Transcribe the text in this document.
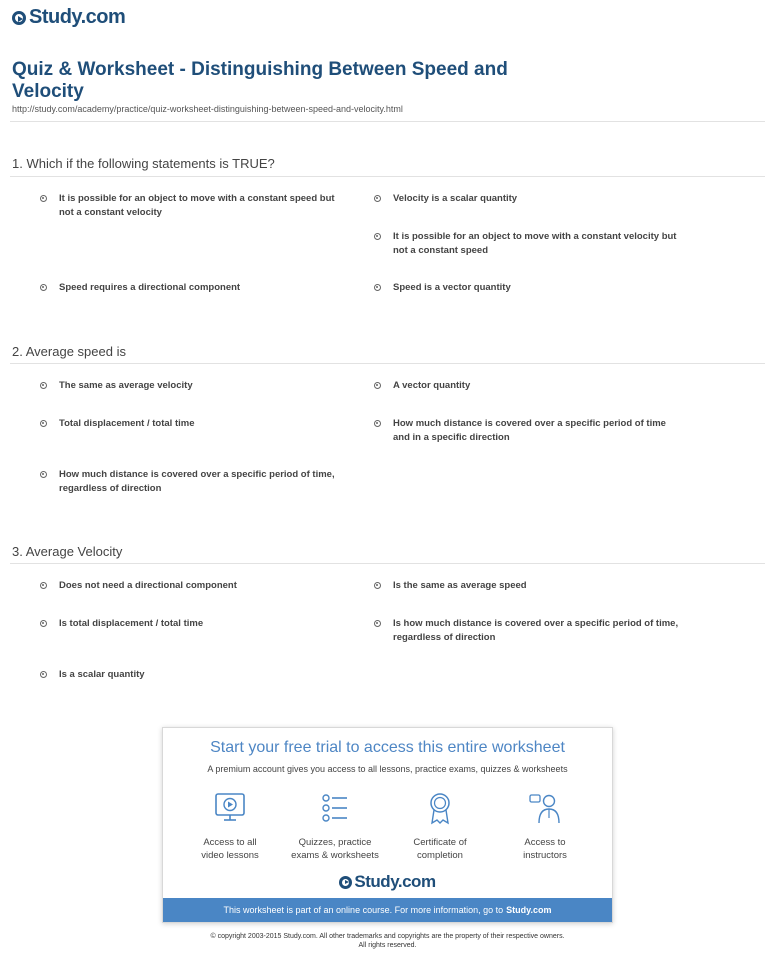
Study.com
Quiz & Worksheet - Distinguishing Between Speed and Velocity
http://study.com/academy/practice/quiz-worksheet-distinguishing-between-speed-and-velocity.html
1. Which if the following statements is TRUE?
It is possible for an object to move with a constant speed but not a constant velocity
Velocity is a scalar quantity
It is possible for an object to move with a constant velocity but not a constant speed
Speed requires a directional component	Speed is a vector quantity
2. Average speed is
The same as average velocity	A vector quantity
Total displacement / total time	How much distance is covered over a specific period of time and in a specific direction
How much distance is covered over a specific period of time, regardless of direction
3. Average Velocity
Does not need a directional component	Is the same as average speed
Is total displacement / total time	Is how much distance is covered over a specific period of time, regardless of direction
Is a scalar quantity
Start your free trial to access this entire worksheet
A premium account gives you access to all lessons, practice exams, quizzes & worksheets
Access to all
video lessons
Quizzes, practice
exams & worksheets
Certificate of
completion
Access to
instructors
Study.com
This worksheet is part of an online course. For more information, go to Study.com
© copyright 2003-2015 Study.com. All other trademarks and copyrights are the property of their respective owners.
All rights reserved.
